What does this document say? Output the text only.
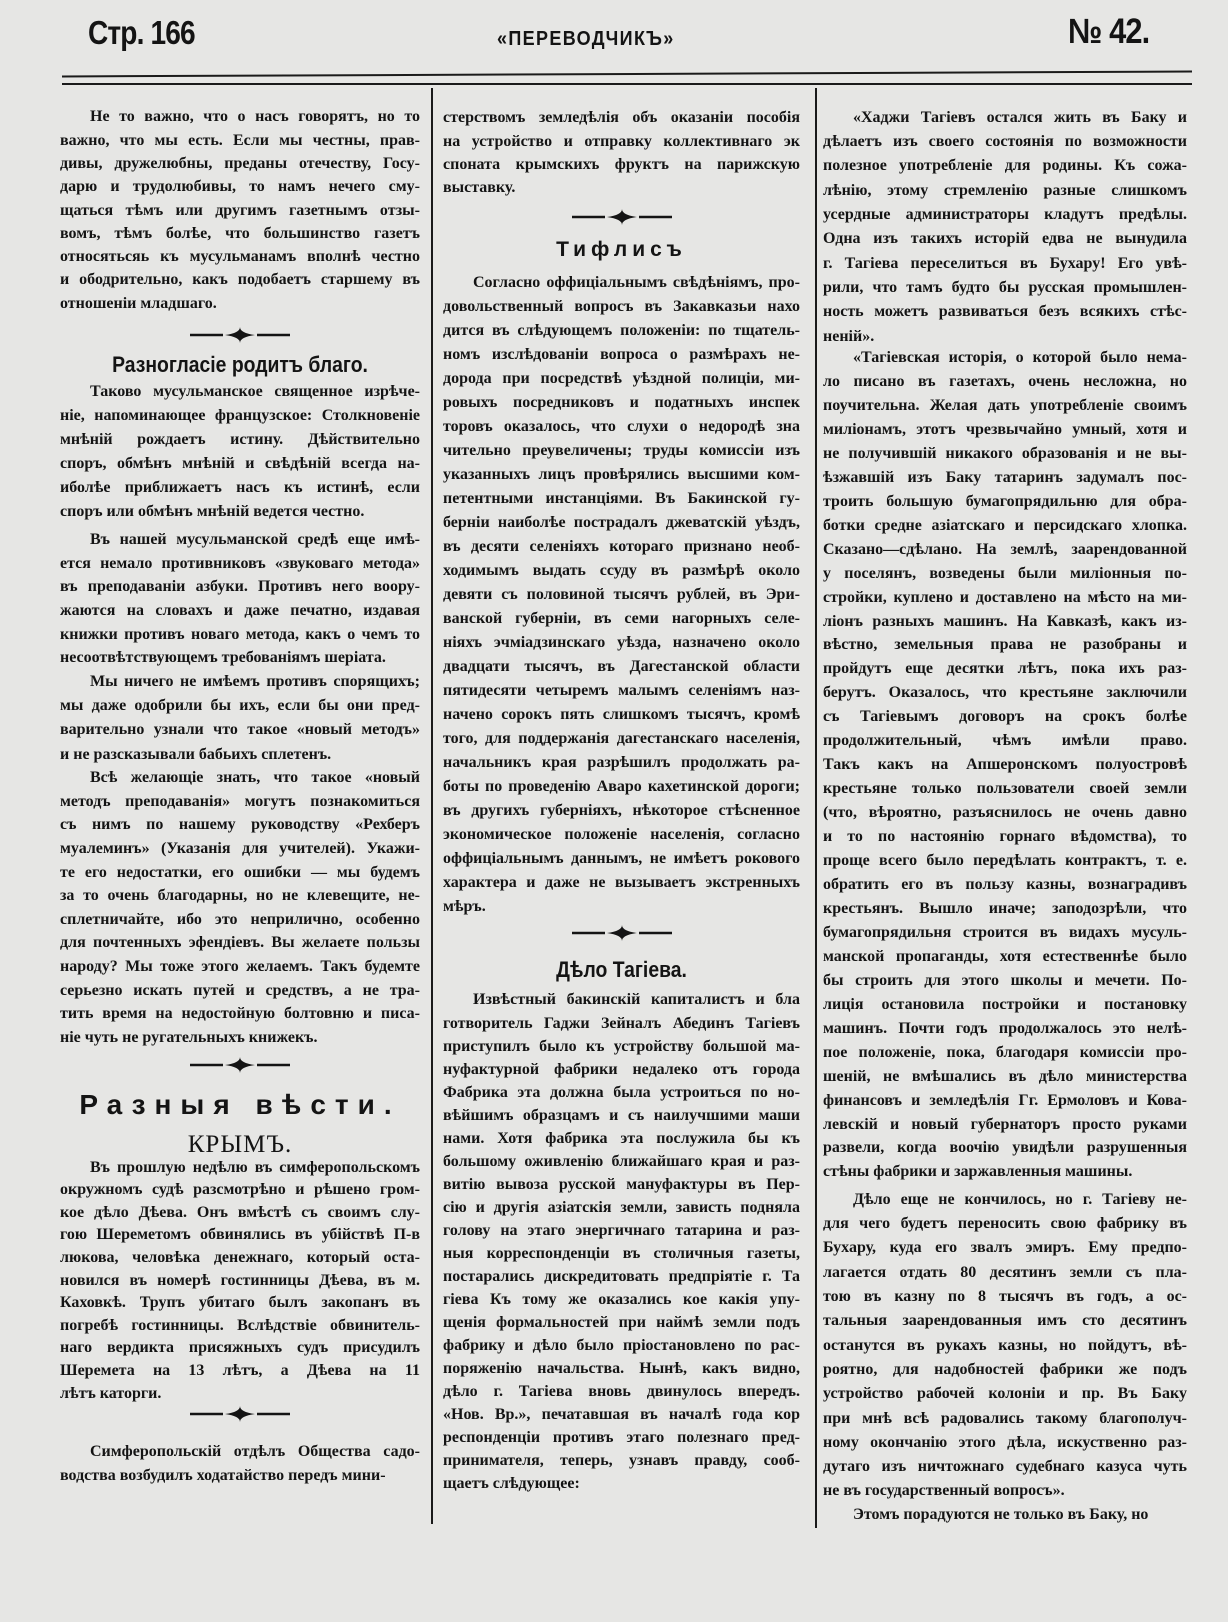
Стр. 166	«ПЕРЕВОДЧИКЪ»	№ 42.
Не то важно, что о насъ говорятъ, но то
важно, что мы есть. Если мы честны, прав-
дивы, дружелюбны, преданы отечеству, Госу-
дарю и трудолюбивы, то намъ нечего сму-
щаться тѣмъ или другимъ газетнымъ отзы-
вомъ, тѣмъ болѣе, что большинство газетъ
относятьсяь къ мусульманамъ вполнѣ честно
и ободрительно, какъ подобаетъ старшему въ
отношеніи младшаго.
Разногласіе родитъ благо.
Таково мусульманское священное изрѣче-
ніе, напоминающее французское: Столкновеніе
мнѣній рождаетъ истину. Дѣйствительно
споръ, обмѣнъ мнѣній и свѣдѣній всегда на-
иболѣе приближаетъ насъ къ истинѣ, если
споръ или обмѣнъ мнѣній ведется честно.
Въ нашей мусульманской средѣ еще имѣ-
ется немало противниковъ «звуковаго метода»
въ преподаваніи азбуки. Противъ него воору-
жаются на словахъ и даже печатно, издавая
книжки противъ новаго метода, какъ о чемъ то
несоотвѣтствующемъ требованіямъ шеріата.
Мы ничего не имѣемъ противъ спорящихъ;
мы даже одобрили бы ихъ, если бы они пред-
варительно узнали что такое «новый методъ»
и не разсказывали бабьихъ сплетенъ.
Всѣ желающіе знать, что такое «новый
методъ преподаванія» могутъ познакомиться
съ нимъ по нашему руководству «Рехберъ
муалеминъ» (Указанія для учителей). Укажи-
те его недостатки, его ошибки — мы будемъ
за то очень благодарны, но не клевещите, не-
сплетничайте, ибо это неприлично, особенно
для почтенныхъ эфендіевъ. Вы желаете пользы
народу? Мы тоже этого желаемъ. Такъ будемте
серьезно искать путей и средствъ, а не тра-
тить время на недостойную болтовню и писа-
ніе чуть не ругательныхъ книжекъ.
Разныя вѣсти.
КРЫМЪ.
Въ прошлую недѣлю въ симферопольскомъ
окружномъ судѣ разсмотрѣно и рѣшено гром-
кое дѣло Дѣева. Онъ вмѣстѣ съ своимъ слу-
гою Шереметомъ обвинялись въ убійствѣ П-в
люкова, человѣка денежнаго, который оста-
новился въ номерѣ гостинницы Дѣева, въ м.
Каховкѣ. Трупъ убитаго былъ закопанъ въ
погребѣ гостинницы. Вслѣдствіе обвинитель-
наго вердикта присяжныхъ судъ присудилъ
Шеремета на 13 лѣтъ, а Дѣева на 11
лѣтъ каторги.
Симферопольскій отдѣлъ Общества садо-
водства возбудилъ ходатайство передъ мини-
стерствомъ земледѣлія объ оказаніи пособія
на устройство и отправку коллективнаго эк
споната крымскихъ фруктъ на парижскую
выставку.
Тифлисъ
Согласно оффиціальнымъ свѣдѣніямъ, про-
довольственный вопросъ въ Закавказьи нахо
дится въ слѣдующемъ положеніи: по тщатель-
номъ изслѣдованіи вопроса о размѣрахъ не-
дорода при посредствѣ уѣздной полиціи, ми-
ровыхъ посредниковъ и податныхъ инспек
торовъ оказалось, что слухи о недородѣ зна
чительно преувеличены; труды комиссіи изъ
указанныхъ лицъ провѣрялись высшими ком-
петентными инстанціями. Въ Бакинской гу-
берніи наиболѣе пострадалъ джеватскій уѣздъ,
въ десяти селеніяхъ котораго признано необ-
ходимымъ выдать ссуду въ размѣрѣ около
девяти съ половиной тысячъ рублей, въ Эри-
ванской губерніи, въ семи нагорныхъ селе-
ніяхъ эчміадзинскаго уѣзда, назначено около
двадцати тысячъ, въ Дагестанской области
пятидесяти четыремъ малымъ селеніямъ наз-
начено сорокъ пять слишкомъ тысячъ, кромѣ
того, для поддержанія дагестанскаго населенія,
начальникъ края разрѣшилъ продолжать ра-
боты по проведенію Аваро кахетинской дороги;
въ другихъ губерніяхъ, нѣкоторое стѣсненное
экономическое положеніе населенія, согласно
оффиціальнымъ даннымъ, не имѣетъ рокового
характера и даже не вызываетъ экстренныхъ
мѣръ.
Дѣло Тагіева.
Извѣстный бакинскій капиталистъ и бла
готворитель Гаджи Зейналъ Абединъ Тагіевъ
приступилъ было къ устройству большой ма-
нуфактурной фабрики недалеко отъ города
Фабрика эта должна была устроиться по но-
вѣйшимъ образцамъ и съ наилучшими маши
нами. Хотя фабрика эта послужила бы къ
большому оживленію ближайшаго края и раз-
витію вывоза русской мануфактуры въ Пер-
сію и другія азіатскія земли, зависть подняла
голову на этаго энергичнаго татарина и раз-
ныя корреспонденціи въ столичныя газеты,
постарались дискредитовать предпріятіе г. Та
гіева Къ тому же оказались кое какія упу-
щенія формальностей при наймѣ земли подъ
фабрику и дѣло было пріостановлено по рас-
поряженію начальства. Нынѣ, какъ видно,
дѣло г. Тагіева вновь двинулось впередъ.
«Нов. Вр.», печатавшая въ началѣ года кор
респонденціи противъ этаго полезнаго пред-
принимателя, теперь, узнавъ правду, сооб-
щаетъ слѣдующее:
«Хаджи Тагіевъ остался жить въ Баку и
дѣлаетъ изъ своего состоянія по возможности
полезное употребленіе для родины. Къ сожа-
лѣнію, этому стремленію разные слишкомъ
усердные администраторы кладутъ предѣлы.
Одна изъ такихъ исторій едва не вынудила
г. Тагіева переселиться въ Бухару! Его увѣ-
рили, что тамъ будто бы русская промышлен-
ность можетъ развиваться безъ всякихъ стѣс-
неній».
«Тагіевская исторія, о которой было нема-
ло писано въ газетахъ, очень несложна, но
поучительна. Желая дать употребленіе своимъ
миліонамъ, этотъ чрезвычайно умный, хотя и
не получившій никакого образованія и не вы-
ѣзжавшій изъ Баку татаринъ задумалъ пос-
троить большую бумагопрядильню для обра-
ботки средне азіатскаго и персидскаго хлопка.
Сказано—сдѣлано. На землѣ, заарендованной
у поселянъ, возведены были миліонныя по-
стройки, куплено и доставлено на мѣсто на ми-
ліонъ разныхъ машинъ. На Кавказѣ, какъ из-
вѣстно, земельныя права не разобраны и
пройдутъ еще десятки лѣтъ, пока ихъ раз-
берутъ. Оказалось, что крестьяне заключили
съ Тагіевымъ договоръ на срокъ болѣе
продолжительный, чѣмъ имѣли право.
Такъ какъ на Апшеронскомъ полуостровѣ
крестьяне только пользователи своей земли
(что, вѣроятно, разъяснилось не очень давно
и то по настоянію горнаго вѣдомства), то
проще всего было передѣлать контрактъ, т. е.
обратить его въ пользу казны, вознаградивъ
крестьянъ. Вышло иначе; заподозрѣли, что
бумагопрядильня строится въ видахъ мусуль-
манской пропаганды, хотя естественнѣе было
бы строить для этого школы и мечети. По-
лиція остановила постройки и постановку
машинъ. Почти годъ продолжалось это нелѣ-
пое положеніе, пока, благодаря комиссіи про-
шеній, не вмѣшались въ дѣло министерства
финансовъ и земледѣлія Гг. Ермоловъ и Кова-
левскій и новый губернаторъ просто руками
развели, когда воочію увидѣли разрушенныя
стѣны фабрики и заржавленныя машины.
Дѣло еще не кончилось, но г. Тагіеву не-
для чего будетъ переносить свою фабрику въ
Бухару, куда его звалъ эмиръ. Ему предпо-
лагается отдать 80 десятинъ земли съ пла-
тою въ казну по 8 тысячъ въ годъ, а ос-
тальныя заарендованныя имъ сто десятинъ
останутся въ рукахъ казны, но пойдутъ, вѣ-
роятно, для надобностей фабрики же подъ
устройство рабочей колоніи и пр. Въ Баку
при мнѣ всѣ радовались такому благополуч-
ному окончанію этого дѣла, искуственно раз-
дутаго изъ ничтожнаго судебнаго казуса чуть
не въ государственный вопросъ».
Этомъ порадуются не только въ Баку, но
